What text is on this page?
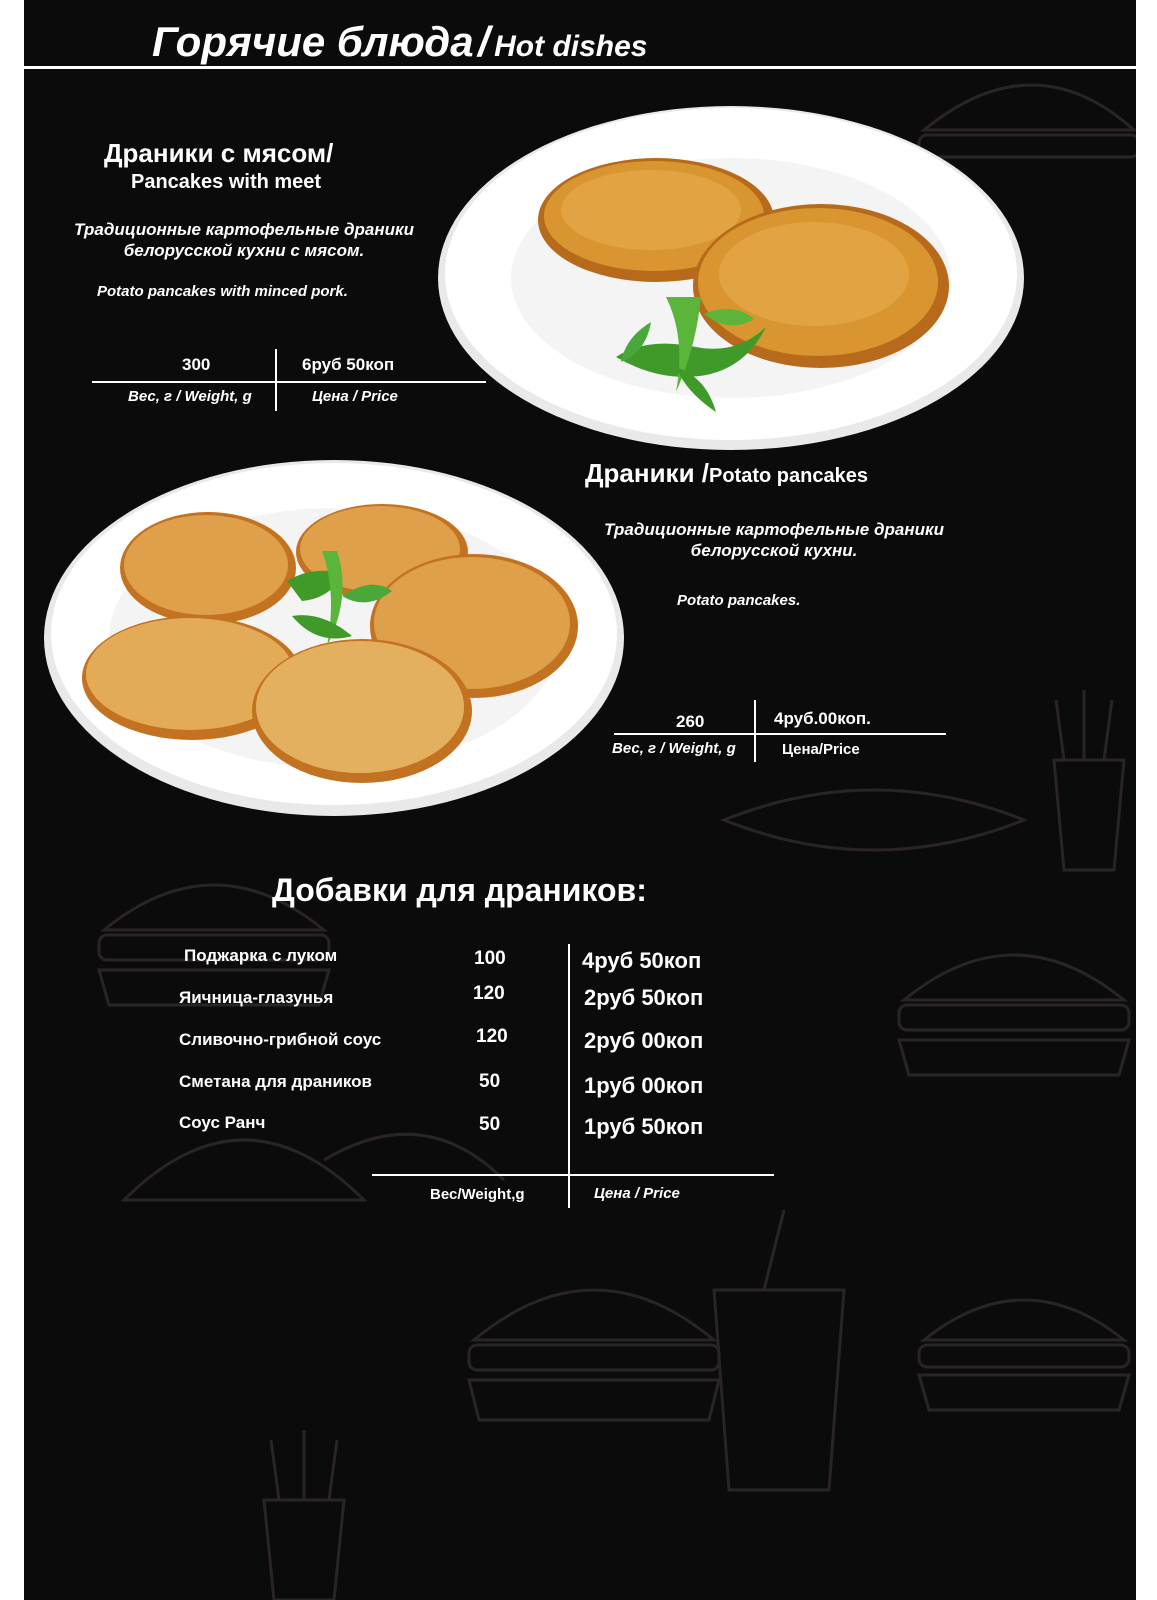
Горячие блюда / Hot dishes
Драники с мясом/
Pancakes with meet
Традиционные картофельные драники
белорусской кухни с мясом.
Potato pancakes with minced pork.
300	6руб 50коп
Вес, г / Weight, g	Цена / Price
Драники /Potato pancakes
Традиционные картофельные драники
белорусской кухни.
Potato pancakes.
260	4руб.00коп.
Вес, г / Weight, g	Цена/Price
Добавки для драников:
Поджарка с луком	100	4руб 50коп
Яичница-глазунья	120	2руб 50коп
Сливочно-грибной соус	120	2руб 00коп
Сметана для драников	50	1руб 00коп
Соус Ранч	50	1руб 50коп
Вес/Weight,g	Цена / Price
